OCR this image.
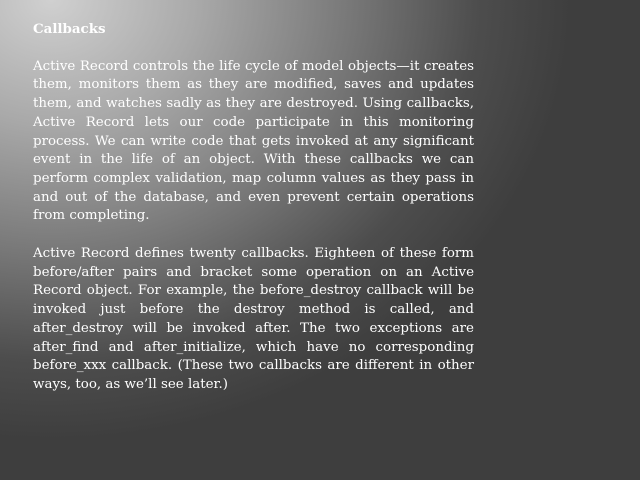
Callbacks

Active Record controls the life cycle of model objects—it creates them, monitors them as they are modified, saves and updates them, and watches sadly as they are destroyed. Using callbacks, Active Record lets our code participate in this monitoring process. We can write code that gets invoked at any significant event in the life of an object. With these callbacks we can perform complex validation, map column values as they pass in and out of the database, and even prevent certain operations from completing.

Active Record defines twenty callbacks. Eighteen of these form before/after pairs and bracket some operation on an Active Record object. For example, the before_destroy callback will be invoked just before the destroy method is called, and after_destroy will be invoked after. The two exceptions are after_find and after_initialize, which have no corresponding before_xxx callback. (These two callbacks are different in other ways, too, as we’ll see later.)
